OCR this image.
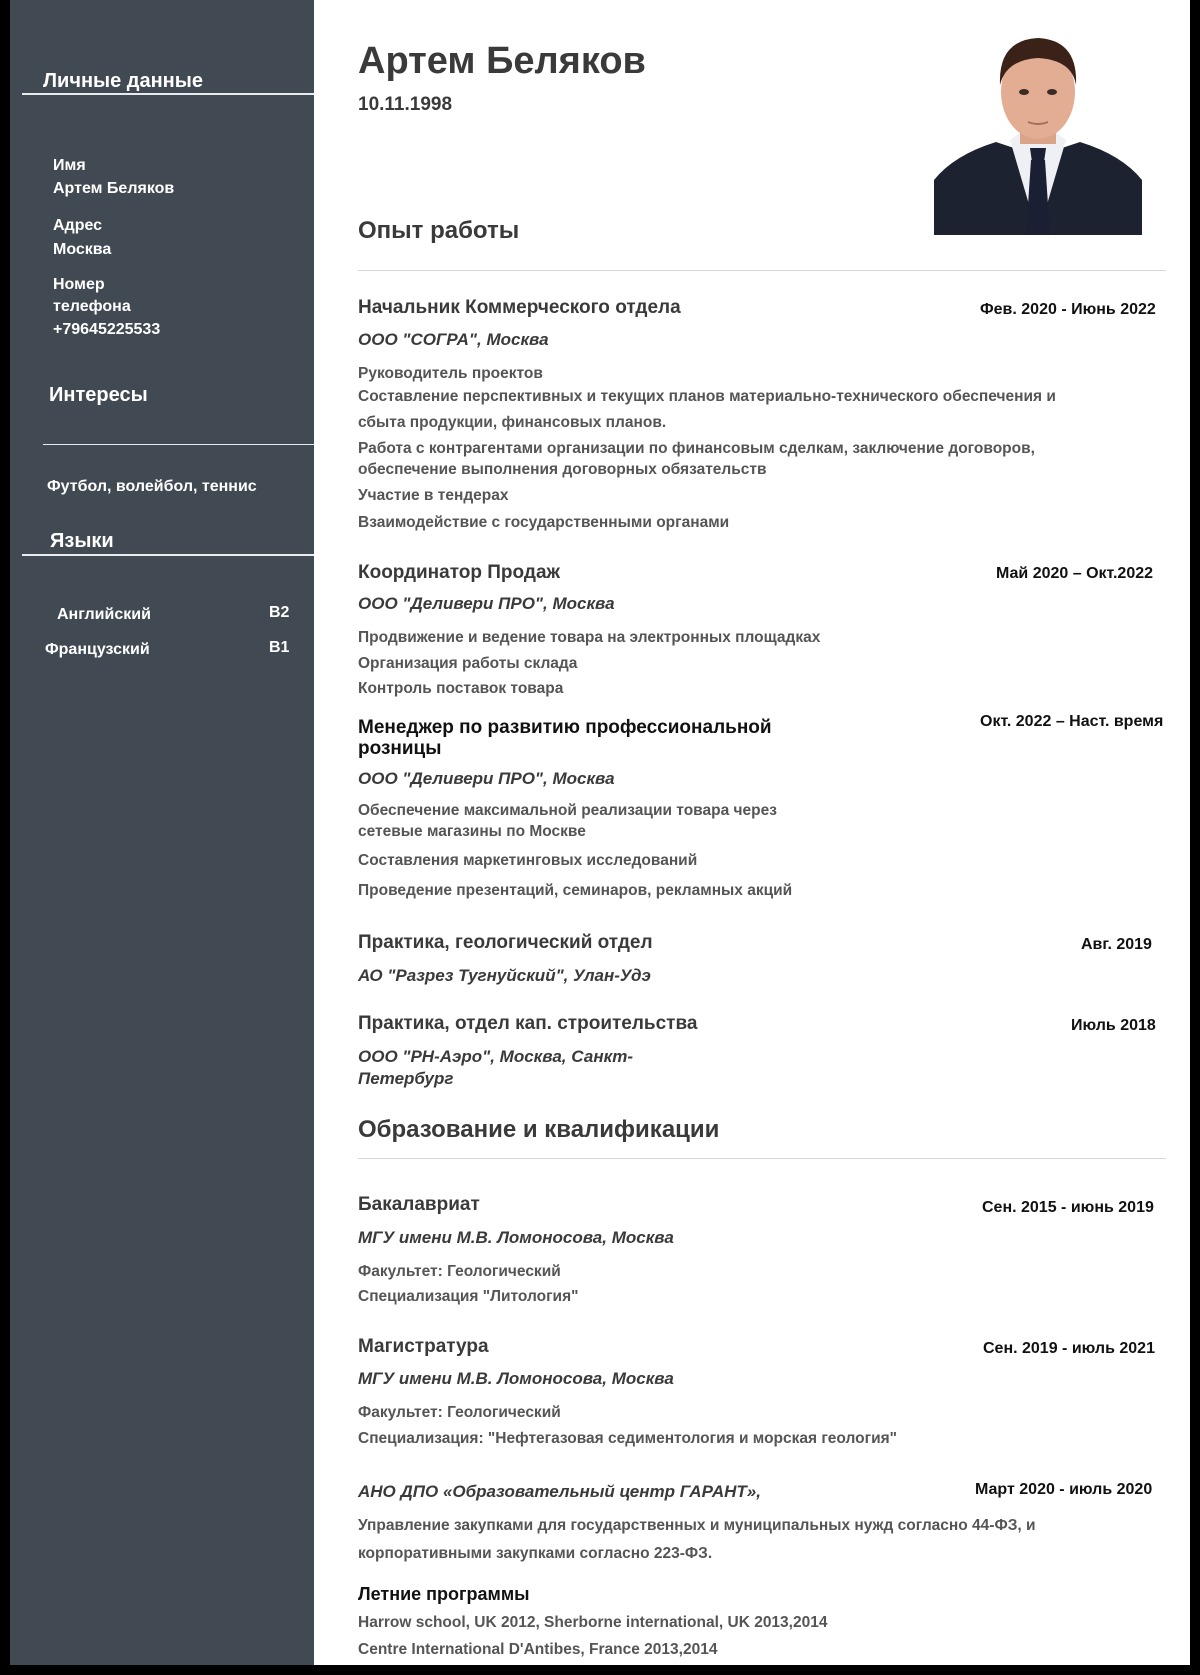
Личные данные
Имя
Артем Беляков
Адрес
Москва
Номер
телефона
+79645225533
Интересы
Футбол, волейбол, теннис
Языки
Английский	B2
Французский	B1
Артем Беляков
10.11.1998
Опыт работы
Начальник Коммерческого отдела	Фев. 2020 - Июнь 2022
ООО "СОГРА", Москва
Руководитель проектов
Составление перспективных и текущих планов материально-технического обеспечения и
сбыта продукции, финансовых планов.
Работа с контрагентами организации по финансовым сделкам, заключение договоров,
обеспечение выполнения договорных обязательств
Участие в тендерах
Взаимодействие с государственными органами
Координатор Продаж	Май 2020 – Окт.2022
ООО "Деливери ПРО", Москва
Продвижение и ведение товара на электронных площадках
Организация работы склада
Контроль поставок товара
Менеджер по развитию профессиональной
розницы
Окт. 2022 – Наст. время
ООО "Деливери ПРО", Москва
Обеспечение максимальной реализации товара через
сетевые магазины по Москве
Составления маркетинговых исследований
Проведение презентаций, семинаров, рекламных акций
Практика, геологический отдел	Авг. 2019
АО "Разрез Тугнуйский", Улан-Удэ
Практика, отдел кап. строительства	Июль 2018
ООО "РН-Аэро", Москва, Санкт-
Петербург
Образование и квалификации
Бакалавриат	Сен. 2015 - июнь 2019
МГУ имени М.В. Ломоносова, Москва
Факультет: Геологический
Специализация "Литология"
Магистратура	Сен. 2019 - июль 2021
МГУ имени М.В. Ломоносова, Москва
Факультет: Геологический
Специализация: "Нефтегазовая седиментология и морская геология"
АНО ДПО «Образовательный центр ГАРАНТ»,	Март 2020 - июль 2020
Управление закупками для государственных и муниципальных нужд согласно 44-ФЗ, и
корпоративными закупками согласно 223-ФЗ.
Летние программы
Harrow school, UK 2012, Sherborne international, UK 2013,2014
Centre International D'Antibes, France 2013,2014
